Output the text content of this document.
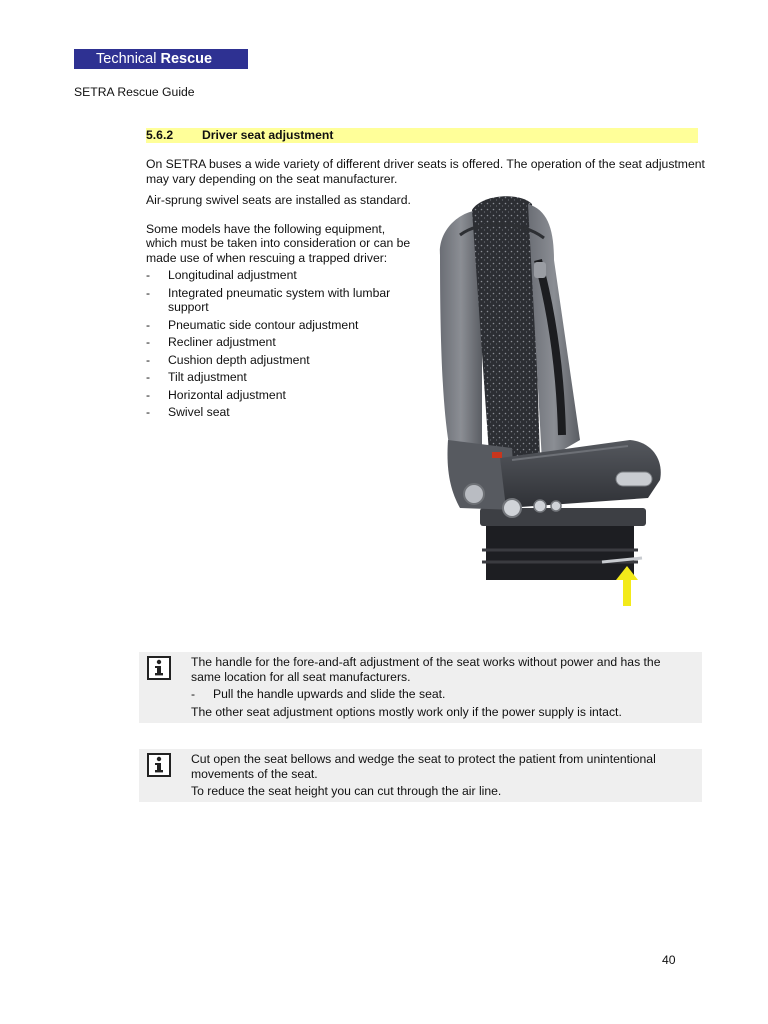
Technical Rescue
SETRA Rescue Guide
5.6.2 Driver seat adjustment

On SETRA buses a wide variety of different driver seats is offered. The operation of the seat adjustment may vary depending on the seat manufacturer.

Air-sprung swivel seats are installed as standard.

Some models have the following equipment, which must be taken into consideration or can be made use of when rescuing a trapped driver:

- Longitudinal adjustment
- Integrated pneumatic system with lumbar support
- Pneumatic side contour adjustment
- Recliner adjustment
- Cushion depth adjustment
- Tilt adjustment
- Horizontal adjustment
- Swivel seat

The handle for the fore-and-aft adjustment of the seat works without power and has the same location for all seat manufacturers.

- Pull the handle upwards and slide the seat.

The other seat adjustment options mostly work only if the power supply is intact.

Cut open the seat bellows and wedge the seat to protect the patient from unintentional movements of the seat.

To reduce the seat height you can cut through the air line.

40
